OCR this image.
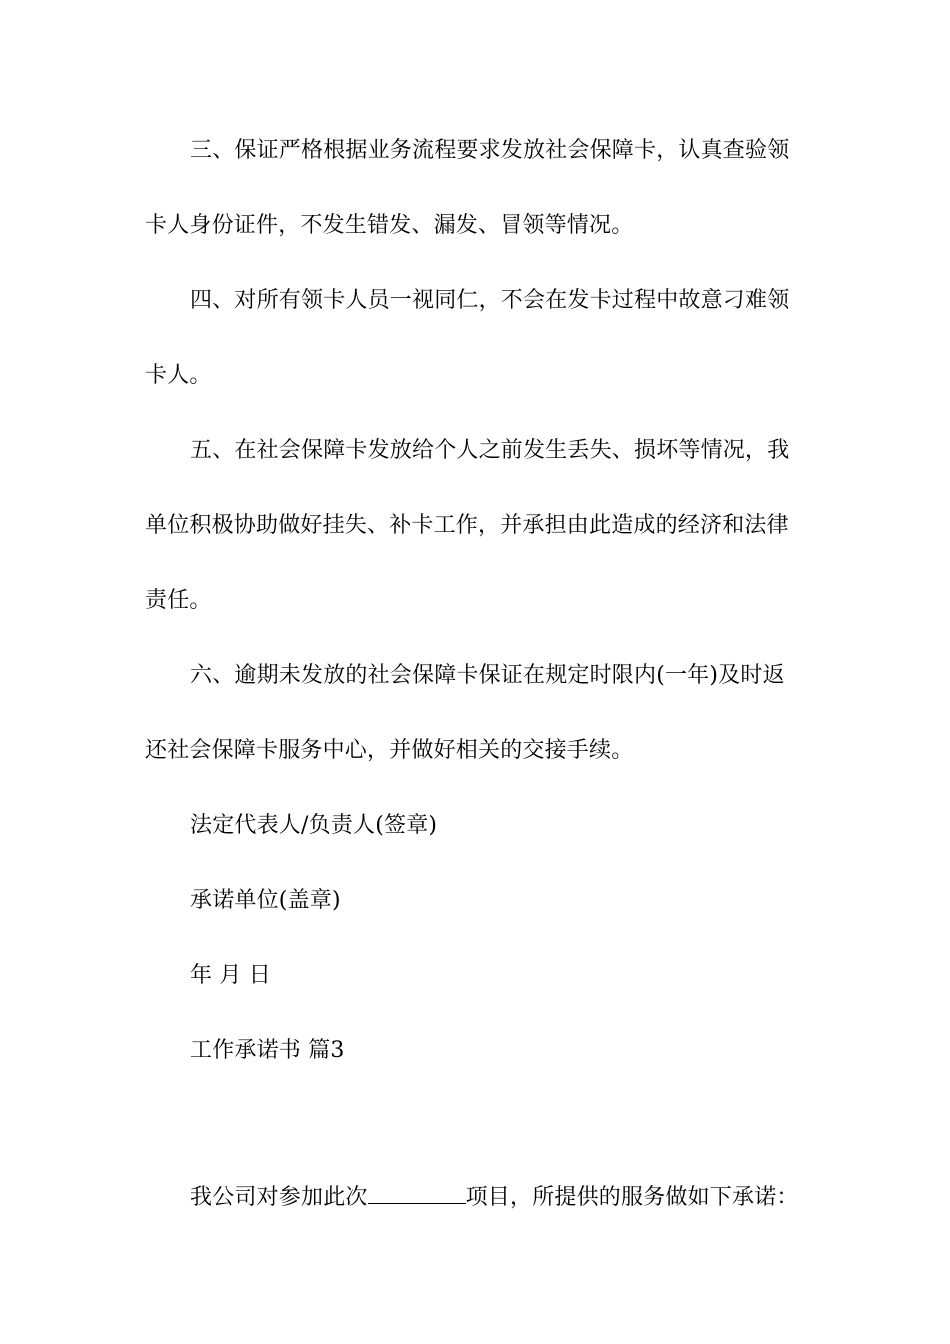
三、保证严格根据业务流程要求发放社会保障卡，认真查验领
卡人身份证件，不发生错发、漏发、冒领等情况。
四、对所有领卡人员一视同仁，不会在发卡过程中故意刁难领
卡人。
五、在社会保障卡发放给个人之前发生丢失、损坏等情况，我
单位积极协助做好挂失、补卡工作，并承担由此造成的经济和法律
责任。
六、逾期未发放的社会保障卡保证在规定时限内(一年)及时返
还社会保障卡服务中心，并做好相关的交接手续。
法定代表人/负责人(签章)
承诺单位(盖章)
年 月 日
工作承诺书 篇3
我公司对参加此次	项目，所提供的服务做如下承诺：
